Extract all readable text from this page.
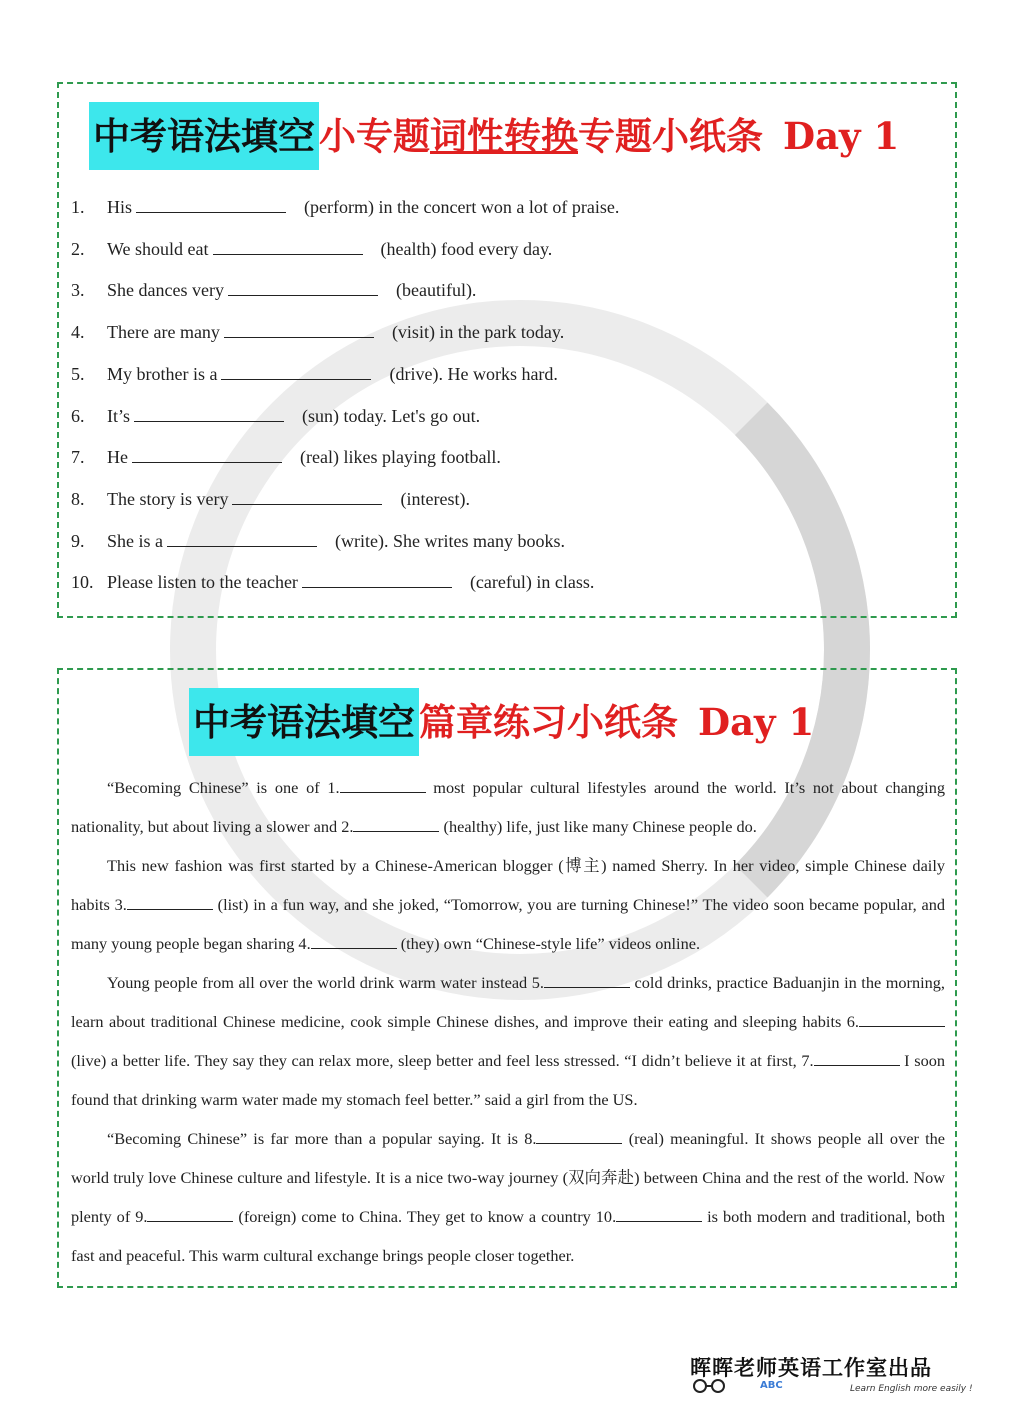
中考语法填空 小专题词性转换专题小纸条 Day 1
1. His	(perform) in the concert won a lot of praise.
2. We should eat	(health) food every day.
3. She dances very	(beautiful).
4. There are many	(visit) in the park today.
5. My brother is a	(drive). He works hard.
6. It’s	(sun) today. Let's go out.
7. He	(real) likes playing football.
8. The story is very	(interest).
9. She is a	(write). She writes many books.
10. Please listen to the teacher	(careful) in class.
中考语法填空 篇章练习小纸条 Day 1

“Becoming Chinese” is one of 1.	most popular cultural lifestyles around the world. It’s not about changing nationality, but about living a slower and 2.	(healthy) life, just like many Chinese people do.

This new fashion was first started by a Chinese-American blogger (博主) named Sherry. In her video, simple Chinese daily habits 3.	(list) in a fun way, and she joked, “Tomorrow, you are turning Chinese!” The video soon became popular, and many young people began sharing 4.	(they) own “Chinese-style life” videos online.

Young people from all over the world drink warm water instead 5.	cold drinks, practice Baduanjin in the morning, learn about traditional Chinese medicine, cook simple Chinese dishes, and improve their eating and sleeping habits 6. (live) a better life. They say they can relax more, sleep better and feel less stressed. “I didn’t believe it at first, 7.	I soon found that drinking warm water made my stomach feel better.” said a girl from the US.

“Becoming Chinese” is far more than a popular saying. It is 8.	(real) meaningful. It shows people all over the world truly love Chinese culture and lifestyle. It is a nice two-way journey (双向奔赴) between China and the rest of the world. Now plenty of 9.	(foreign) come to China. They get to know a country 10.	is both modern and traditional, both fast and peaceful. This warm cultural exchange brings people closer together.

晖晖老师英语工作室出品
ABC	Learn English more easily !
